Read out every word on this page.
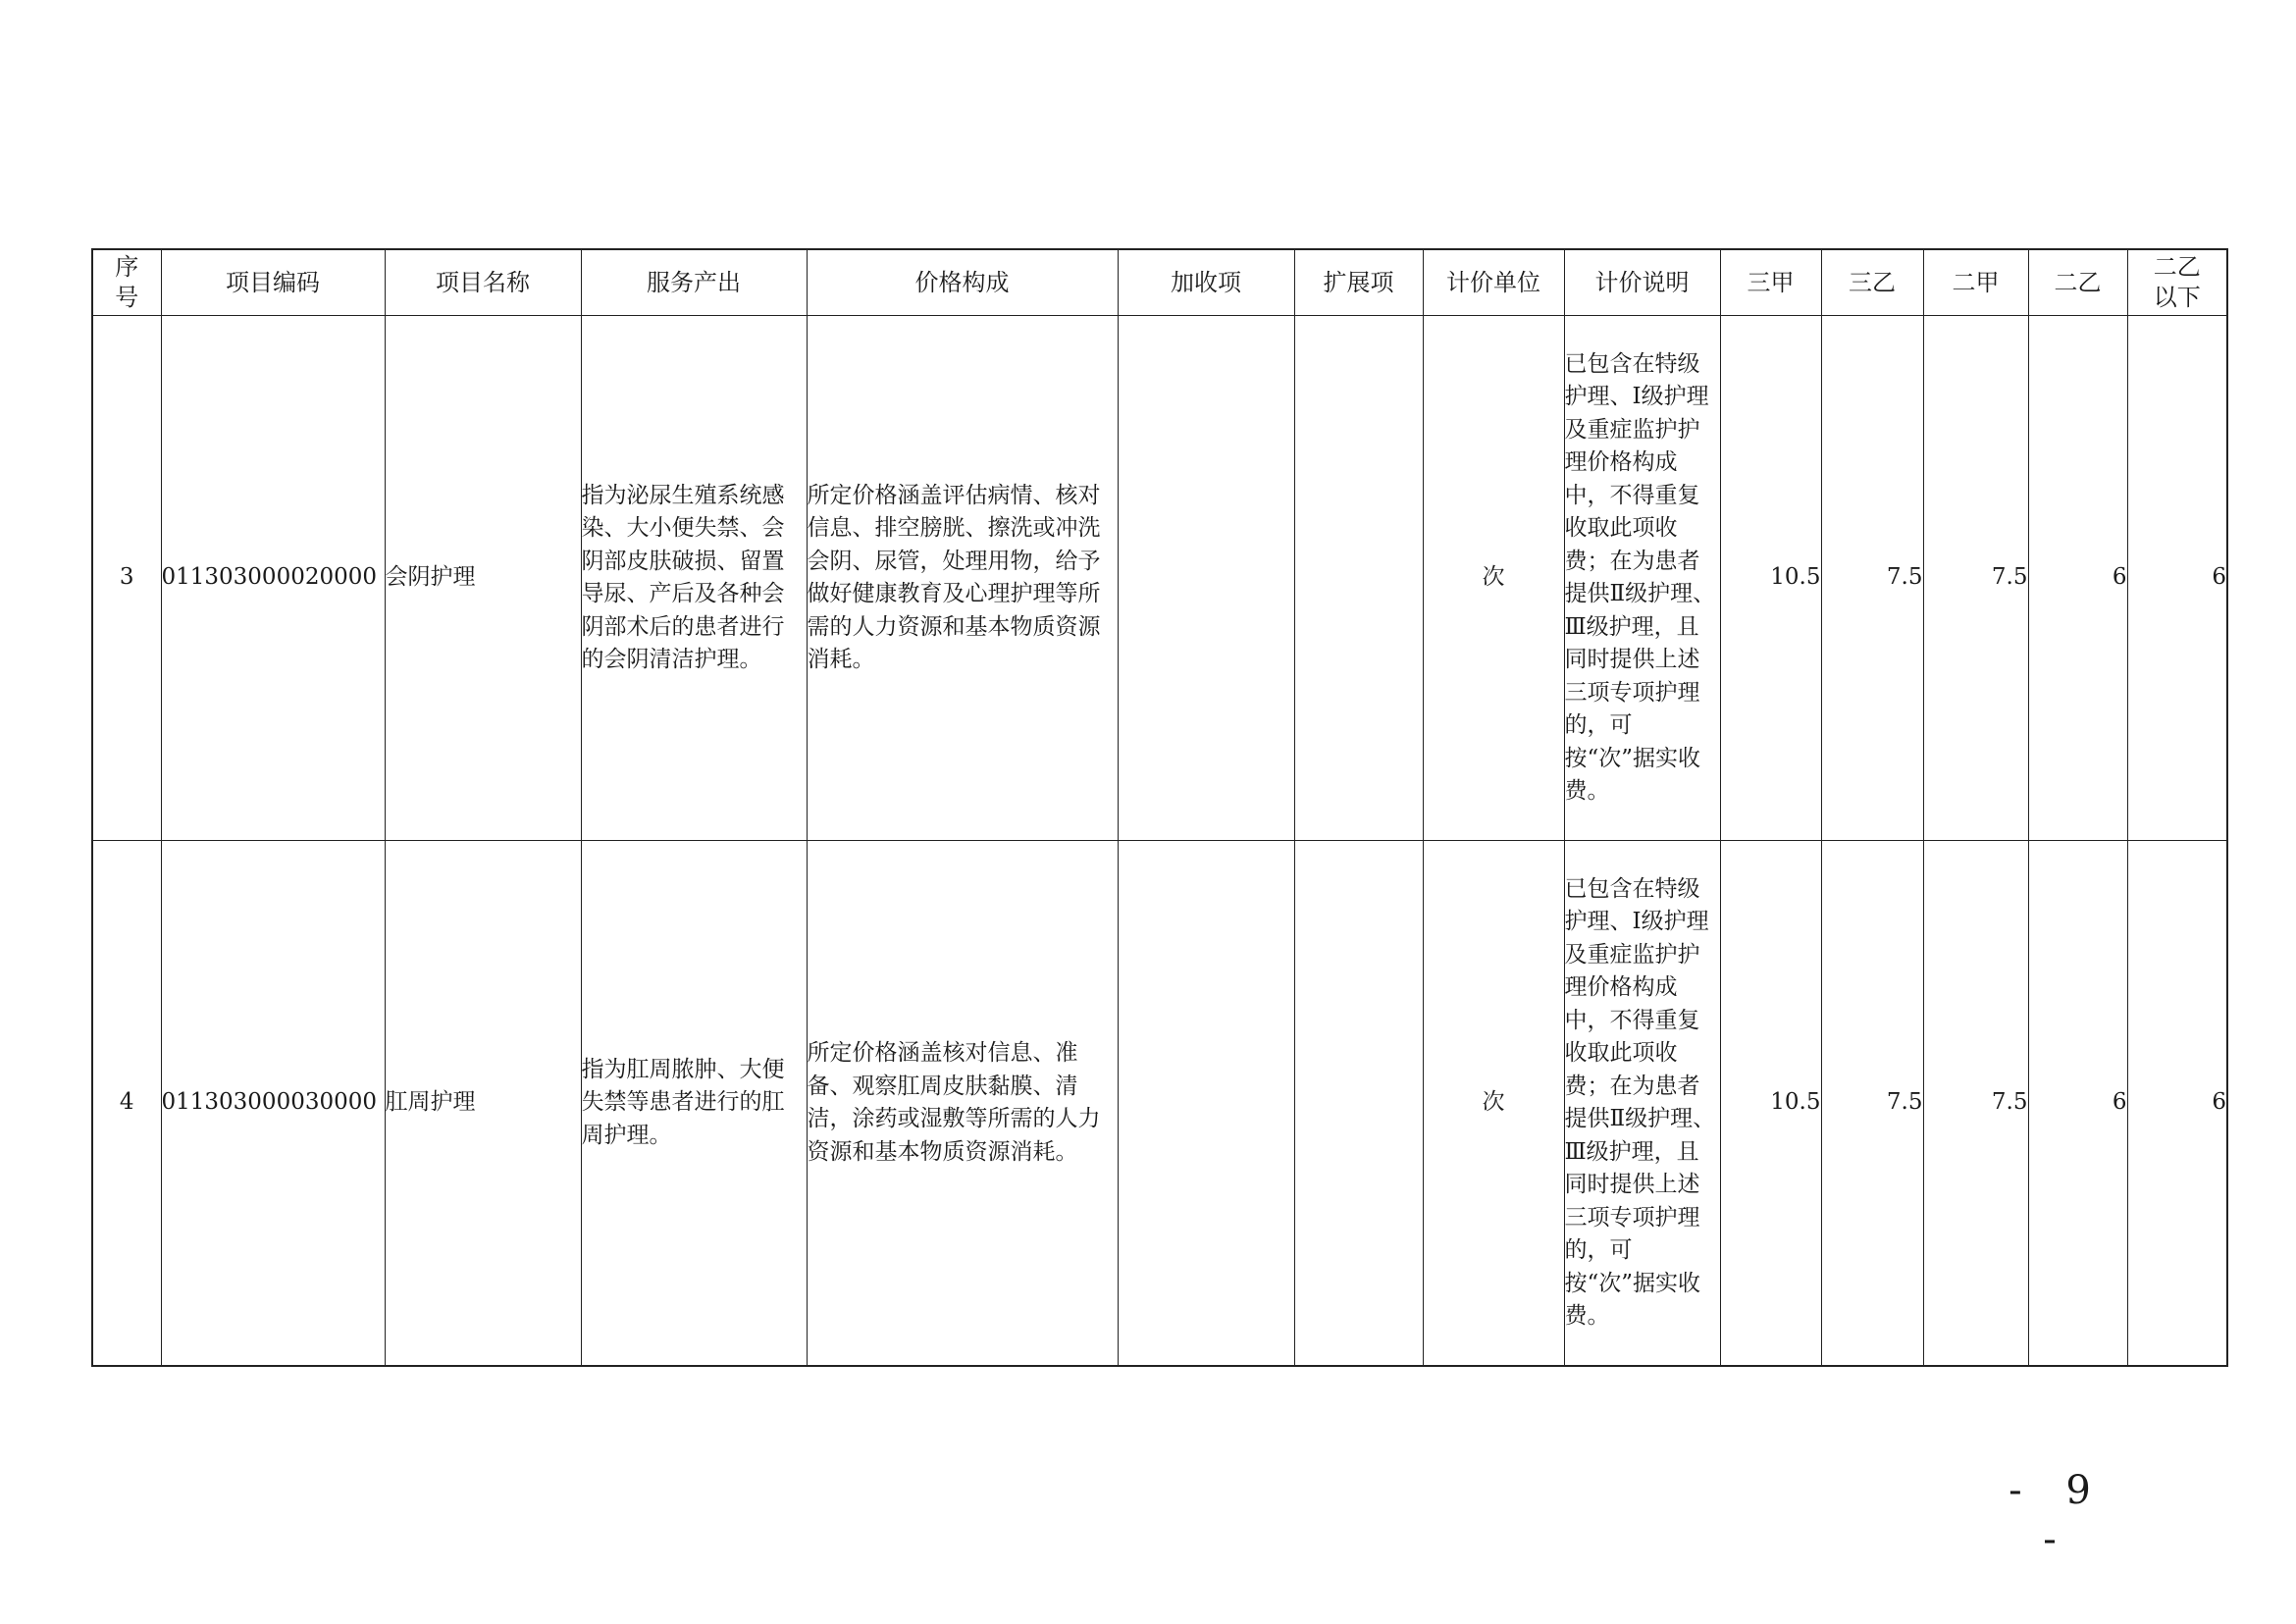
序号	项目编码	项目名称	服务产出	价格构成	加收项	扩展项	计价单位	计价说明	三甲	三乙	二甲	二乙	二乙以下

3	011303000020000	会阴护理	指为泌尿生殖系统感染、大小便失禁、会阴部皮肤破损、留置导尿、产后及各种会阴部术后的患者进行的会阴清洁护理。	所定价格涵盖评估病情、核对信息、排空膀胱、擦洗或冲洗会阴、尿管，处理用物，给予做好健康教育及心理护理等所需的人力资源和基本物质资源消耗。			次	已包含在特级护理、Ⅰ级护理及重症监护护理价格构成中，不得重复收取此项收费；在为患者提供Ⅱ级护理、Ⅲ级护理，且同时提供上述三项专项护理的，可按“次”据实收费。	10.5	7.5	7.5	6	6
4	011303000030000	肛周护理	指为肛周脓肿、大便失禁等患者进行的肛周护理。	所定价格涵盖核对信息、准备、观察肛周皮肤黏膜、清洁，涂药或湿敷等所需的人力资源和基本物质资源消耗。			次	已包含在特级护理、Ⅰ级护理及重症监护护理价格构成中，不得重复收取此项收费；在为患者提供Ⅱ级护理、Ⅲ级护理，且同时提供上述三项专项护理的，可按“次”据实收费。	10.5	7.5	7.5	6	6
- 9 -
